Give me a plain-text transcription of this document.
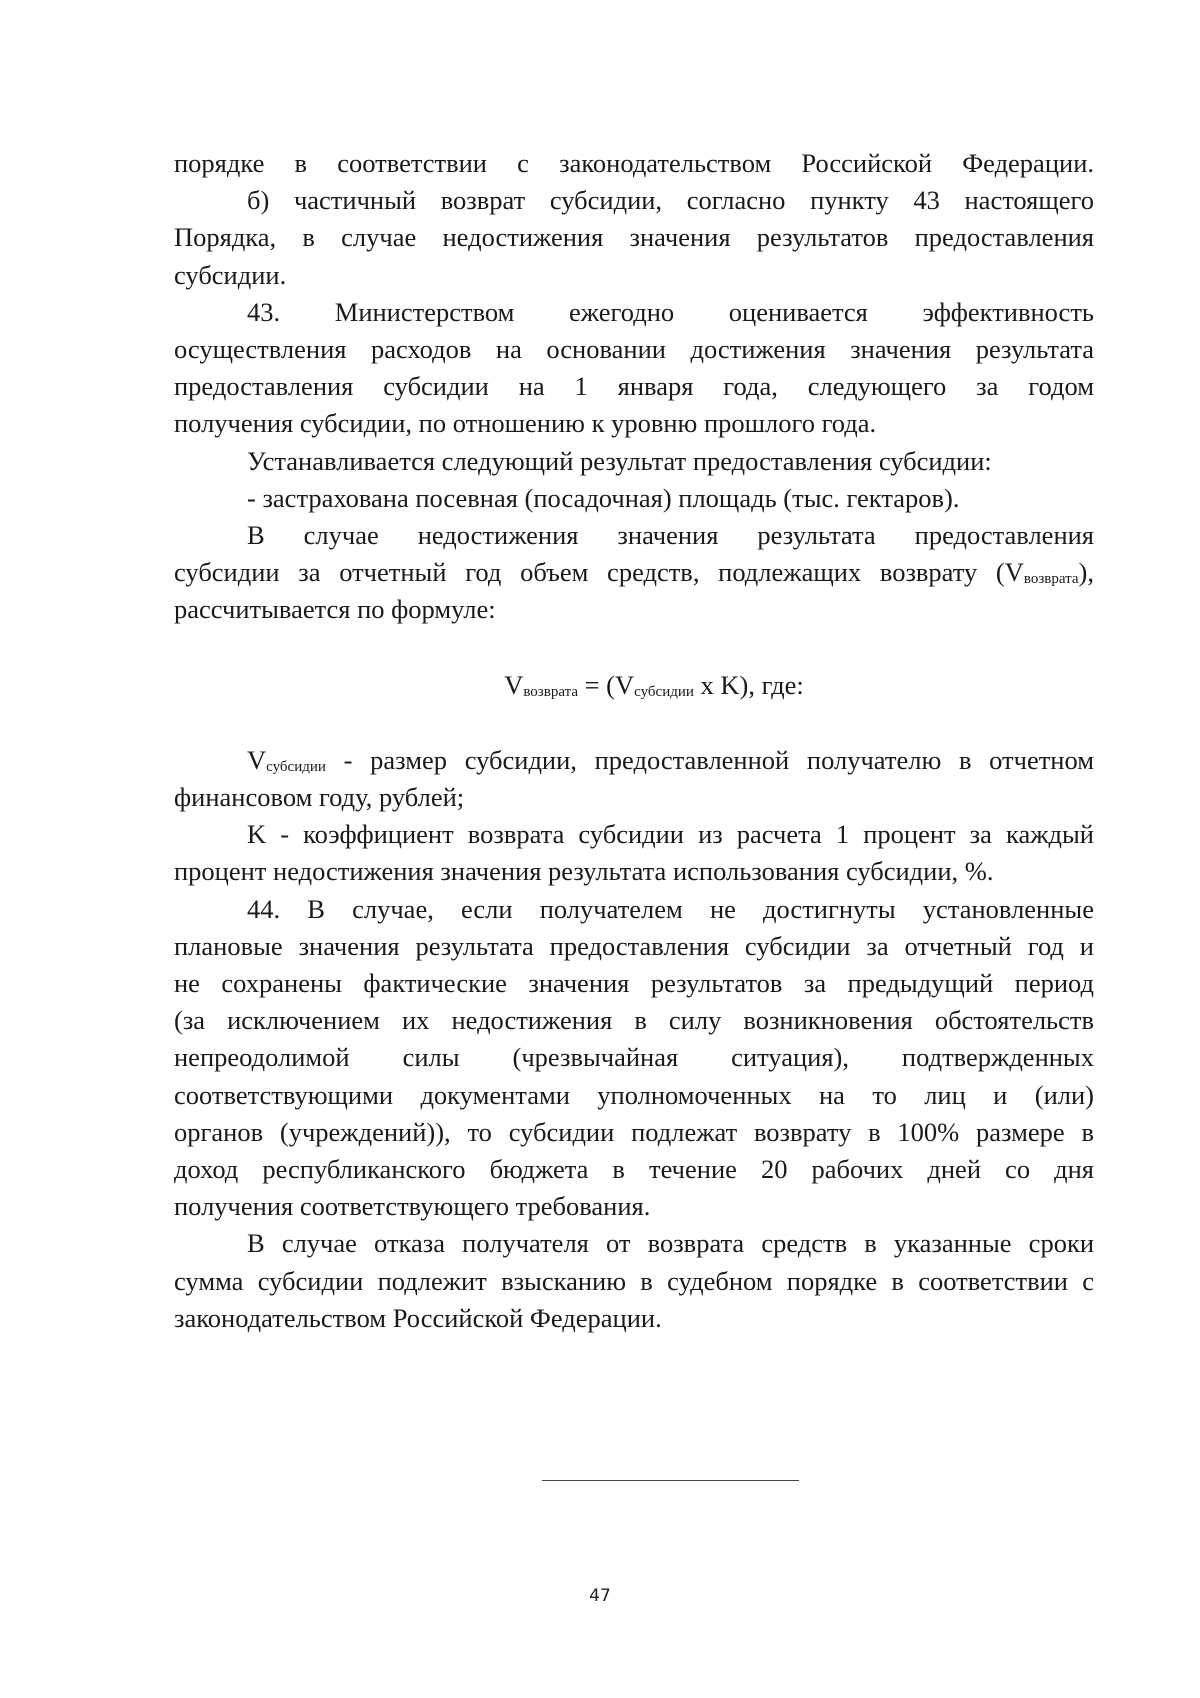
порядке в соответствии с законодательством Российской Федерации.

б) частичный возврат субсидии, согласно пункту 43 настоящего

Порядка, в случае недостижения значения результатов предоставления

субсидии.

43. Министерством ежегодно оценивается эффективность

осуществления расходов на основании достижения значения результата

предоставления субсидии на 1 января года, следующего за годом

получения субсидии, по отношению к уровню прошлого года.

Устанавливается следующий результат предоставления субсидии:

- застрахована посевная (посадочная) площадь (тыс. гектаров).

В случае недостижения значения результата предоставления

субсидии за отчетный год объем средств, подлежащих возврату $(V_{возврата})$,

рассчитывается по формуле:

$V_{возврата} = (V_{субсидии}$ x K), где:

$V_{субсидии}$ - размер субсидии, предоставленной получателю в отчетном

финансовом году, рублей;

K - коэффициент возврата субсидии из расчета 1 процент за каждый

процент недостижения значения результата использования субсидии, %.

44. В случае, если получателем не достигнуты установленные

плановые значения результата предоставления субсидии за отчетный год и

не сохранены фактические значения результатов за предыдущий период

(за исключением их недостижения в силу возникновения обстоятельств

непреодолимой силы (чрезвычайная ситуация), подтвержденных

соответствующими документами уполномоченных на то лиц и (или)

органов (учреждений)), то субсидии подлежат возврату в 100% размере в

доход республиканского бюджета в течение 20 рабочих дней со дня

получения соответствующего требования.

В случае отказа получателя от возврата средств в указанные сроки

сумма субсидии подлежит взысканию в судебном порядке в соответствии с

законодательством Российской Федерации.

47
